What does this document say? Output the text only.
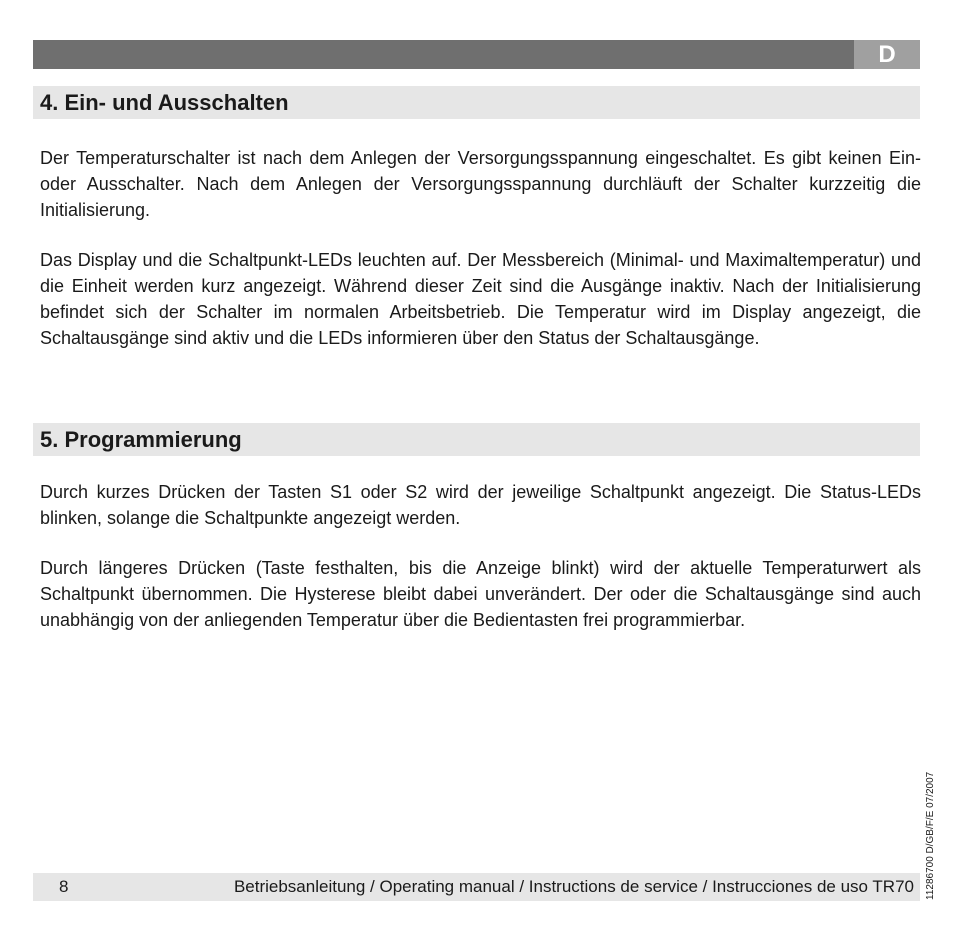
D
4. Ein- und Ausschalten

Der Temperaturschalter ist nach dem Anlegen der Versorgungsspannung eingeschaltet. Es gibt keinen Ein- oder Ausschalter. Nach dem Anlegen der Versorgungsspannung durchläuft der Schalter kurzzeitig die Initialisierung.

Das Display und die Schaltpunkt-LEDs leuchten auf. Der Messbereich (Minimal- und Maximaltemperatur) und die Einheit werden kurz angezeigt. Während dieser Zeit sind die Ausgänge inaktiv. Nach der Initialisierung befindet sich der Schalter im normalen Arbeitsbetrieb. Die Temperatur wird im Display angezeigt, die Schaltausgänge sind aktiv und die LEDs informieren über den Status der Schaltausgänge.

5. Programmierung

Durch kurzes Drücken der Tasten S1 oder S2 wird der jeweilige Schaltpunkt angezeigt. Die Status-LEDs blinken, solange die Schaltpunkte angezeigt werden.

Durch längeres Drücken (Taste festhalten, bis die Anzeige blinkt) wird der aktuelle Temperaturwert als Schaltpunkt übernommen. Die Hysterese bleibt dabei unverändert. Der oder die Schaltausgänge sind auch unabhängig von der anliegenden Temperatur über die Bedientasten frei programmierbar.

8	Betriebsanleitung / Operating manual / Instructions de service / Instrucciones de uso TR70 11286700 D/GB/F/E 07/2007
